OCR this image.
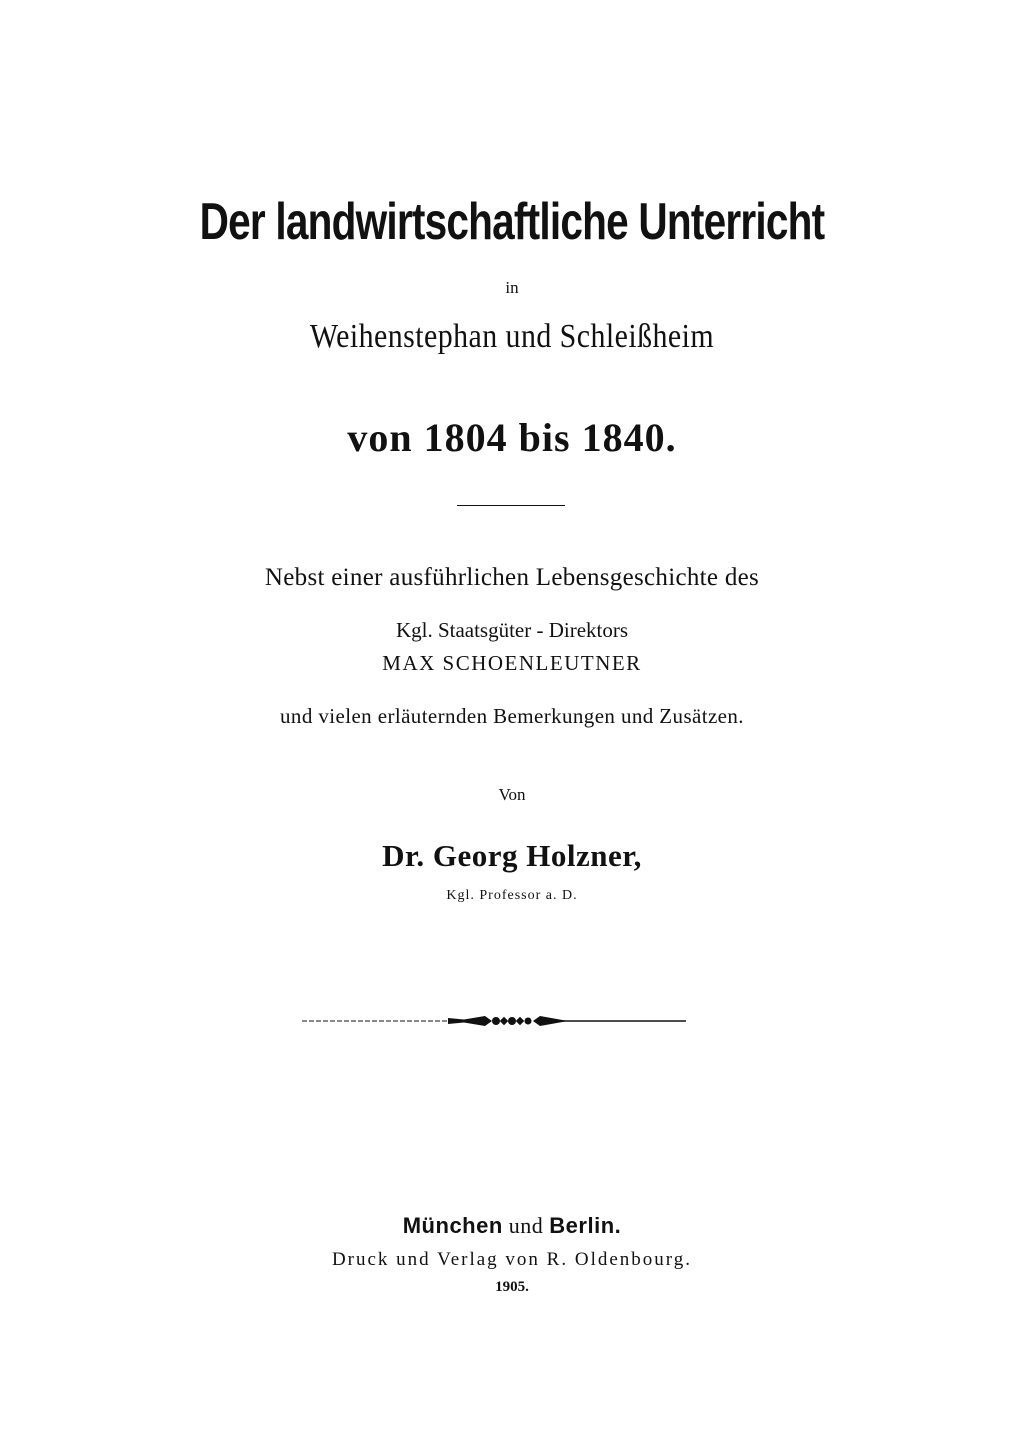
Der landwirtschaftliche Unterricht
in
Weihenstephan und Schleißheim
von 1804 bis 1840.
Nebst einer ausführlichen Lebensgeschichte des
Kgl. Staatsgüter - Direktors
MAX SCHOENLEUTNER
und vielen erläuternden Bemerkungen und Zusätzen.
Von
Dr. Georg Holzner,
Kgl. Professor a. D.
München und Berlin.
Druck und Verlag von R. Oldenbourg.
1905.
